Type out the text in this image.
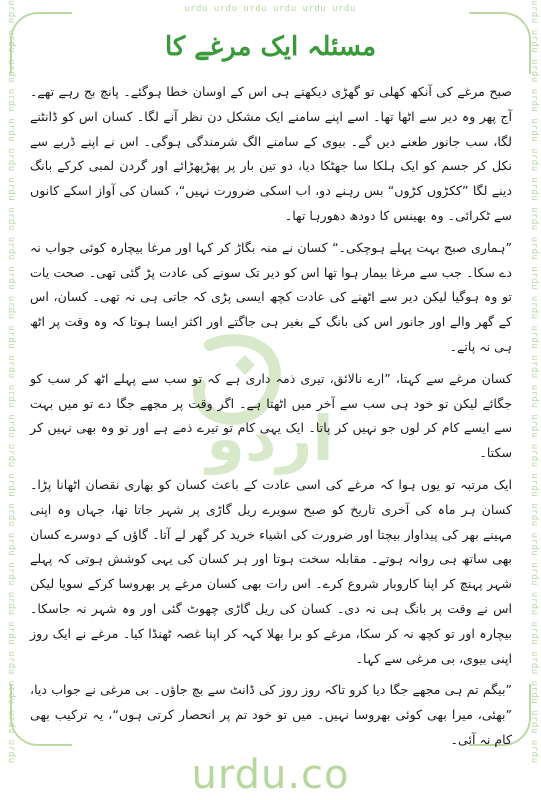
urdu urdu urdu urdu urdu urdu
urdu urdu urdu urdu urdu urdu urdu urdu urdu urdu urdu urdu urdu urdu urdu urdu urdu urdu urdu urdu urdu urdu urdu urdu urdu urdu	urdu urdu urdu urdu urdu urdu urdu urdu urdu urdu urdu urdu urdu urdu urdu urdu urdu urdu urdu urdu urdu urdu urdu urdu urdu urdu
اردو
مسئلہ ایک مرغے کا

صبح مرغے کی آنکھ کھلی تو گھڑی دیکھتے ہی اس کے اوسان خطا ہوگئے۔ پانچ بج رہے تھے۔ آج پھر وہ دیر سے اٹھا تھا۔ اسے اپنے سامنے ایک مشکل دن نظر آنے لگا۔ کسان اس کو ڈانٹنے لگا، سب جانور طعنے دیں گے۔ بیوی کے سامنے الگ شرمندگی ہوگی۔ اس نے اپنے ڈربے سے نکل کر جسم کو ایک ہلکا سا جھٹکا دیا، دو تین بار پر پھڑپھڑائے اور گردن لمبی کرکے بانگ دینے لگا ”ککڑوں کڑوں“ بس رہنے دو، اب اسکی ضرورت نہیں“، کسان کی آواز اسکے کانوں سے ٹکرائی۔ وہ بھینس کا دودھ دھورہا تھا۔

”ہماری صبح بہت پہلے ہوچکی۔“ کسان نے منہ بگاڑ کر کہا اور مرغا بیچارہ کوئی جواب نہ دے سکا۔ جب سے مرغا بیمار ہوا تھا اس کو دیر تک سونے کی عادت پڑ گئی تھی۔ صحت یات تو وہ ہوگیا لیکن دیر سے اٹھنے کی عادت کچھ ایسی پڑی کہ جاتی ہی نہ تھی۔ کسان، اس کے گھر والے اور جانور اس کی بانگ کے بغیر ہی جاگتے اور اکثر ایسا ہوتا کہ وہ وقت پر اٹھ ہی نہ پاتے۔

کسان مرغے سے کہتا، ”ارے نالائق، تیری ذمہ داری ہے کہ تو سب سے پہلے اٹھ کر سب کو جگائے لیکن تو خود ہی سب سے آخر میں اٹھتا ہے۔ اگر وقت پر مجھے جگا دے تو میں بہت سے ایسے کام کر لوں جو نہیں کر پاتا۔ ایک یہی کام تو تیرے ذمے ہے اور تو وہ بھی نہیں کر سکتا۔

ایک مرتبہ تو یوں ہوا کہ مرغے کی اسی عادت کے باعث کسان کو بھاری نقصان اٹھانا پڑا۔ کسان ہر ماہ کی آخری تاریخ کو صبح سویرے ریل گاڑی پر شہر جاتا تھا، جہاں وہ اپنی مہینے بھر کی پیداوار بیچتا اور ضرورت کی اشیاء خرید کر گھر لے آتا۔ گاؤں کے دوسرے کسان بھی ساتھ ہی روانہ ہوتے۔ مقابلہ سخت ہوتا اور ہر کسان کی یہی کوشش ہوتی کہ پہلے شہر پہنچ کر اپنا کاروبار شروع کرے۔ اس رات بھی کسان مرغے پر بھروسا کرکے سویا لیکن اس نے وقت پر بانگ ہی نہ دی۔ کسان کی ریل گاڑی چھوٹ گئی اور وہ شہر نہ جاسکا۔ بیچارہ اور تو کچھ نہ کر سکا، مرغے کو برا بھلا کہہ کر اپنا غصہ ٹھنڈا کیا۔ مرغے نے ایک روز اپنی بیوی، بی مرغی سے کہا۔

”بیگم تم ہی مجھے جگا دیا کرو تاکہ روز روز کی ڈانٹ سے بچ جاؤں۔ بی مرغی نے جواب دیا، ”بھئی، میرا بھی کوئی بھروسا نہیں۔ میں تو خود تم پر انحصار کرتی ہوں“، یہ ترکیب بھی کام نہ آئی۔

urdu.co
